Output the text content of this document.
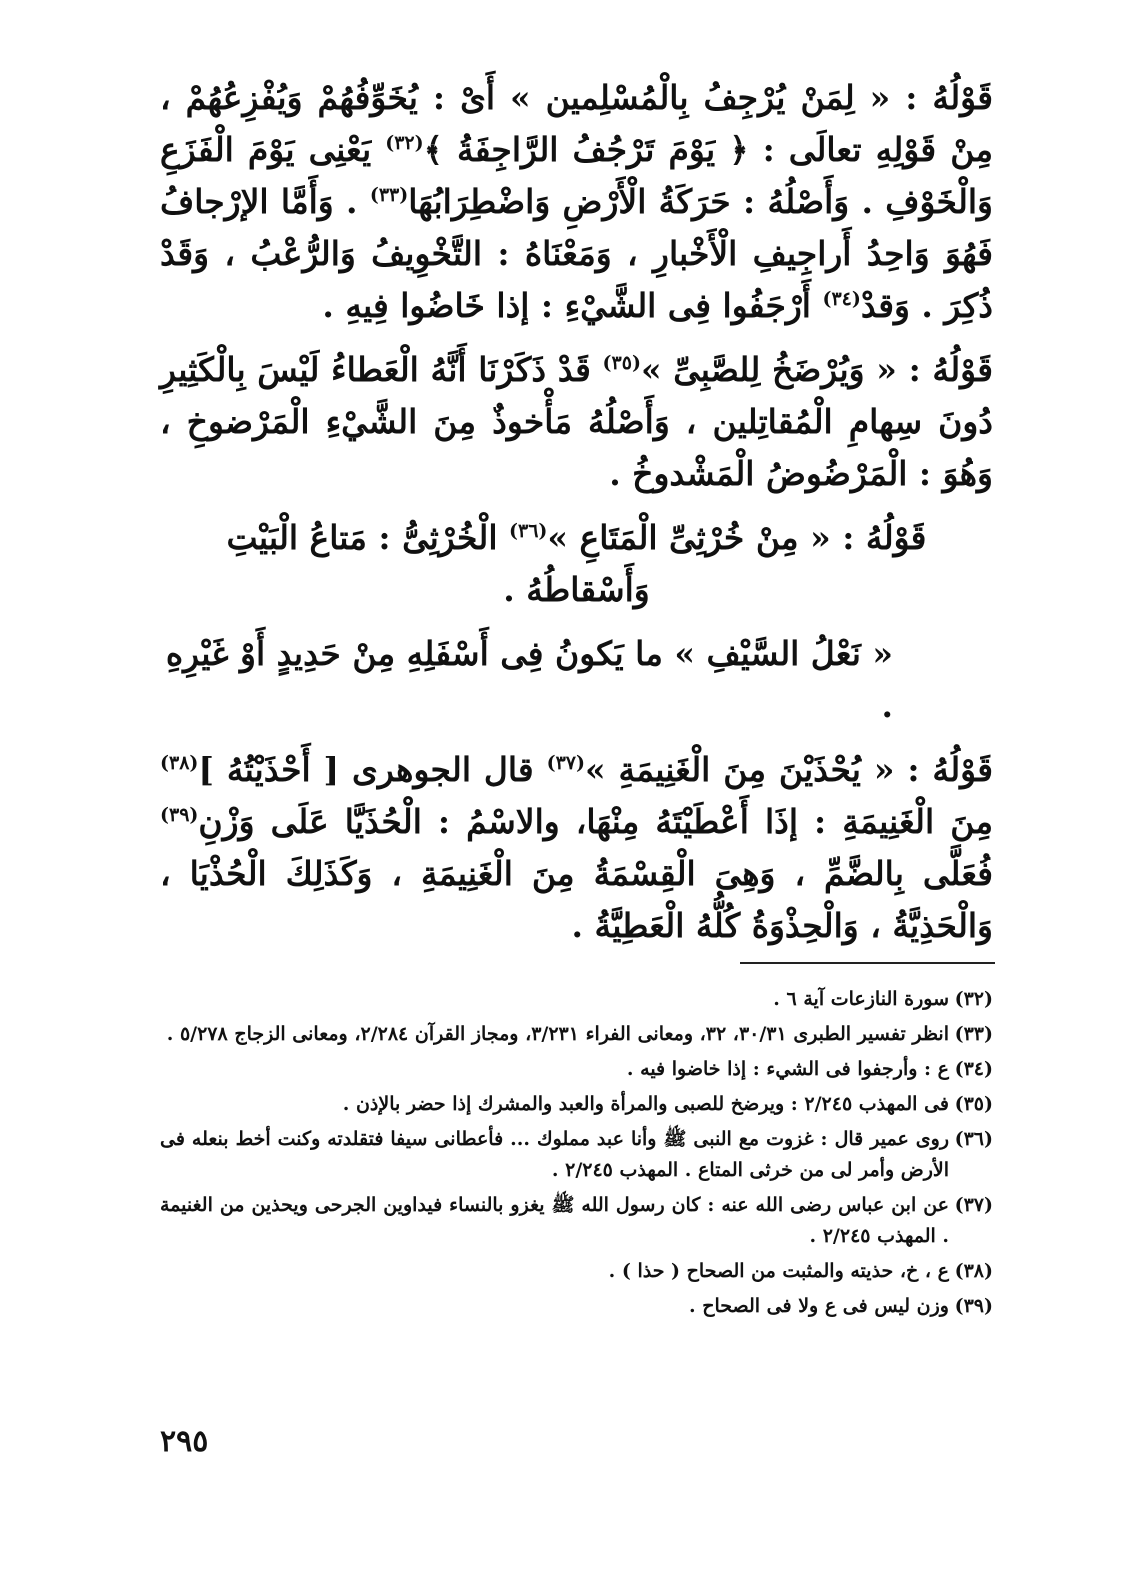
قَوْلُهُ : « لِمَنْ يُرْجِفُ بِالْمُسْلِمين » أَىْ : يُخَوِّفُهُمْ وَيُفْزِعُهُمْ ، مِنْ قَوْلِهِ تعالَى : ﴿ يَوْمَ تَرْجُفُ الرَّاجِفَةُ ﴾$^{(٣٢)}$ يَعْنِى يَوْمَ الْفَزَعِ وَالْخَوْفِ . وَأَصْلُهُ : حَرَكَةُ الْأَرْضِ وَاضْطِرَابُهَا$^{(٣٣)}$ . وَأَمَّا الإرْجافُ فَهُوَ وَاحِدُ أَراجِيفِ الْأَخْبارِ ، وَمَعْنَاهُ : التَّخْوِيفُ وَالرُّعْبُ ، وَقَدْ ذُكِرَ . وَقدْ$^{(٣٤)}$ أَرْجَفُوا فِى الشَّيْءِ : إذا خَاضُوا فِيهِ .

قَوْلُهُ : « وَيُرْضَخُ لِلصَّبِىِّ »$^{(٣٥)}$ قَدْ ذَكَرْنَا أَنَّهُ الْعَطاءُ لَيْسَ بِالْكَثِيرِ دُونَ سِهامِ الْمُقاتِلين ، وَأَصْلُهُ مَأْخوذٌ مِنَ الشَّيْءِ الْمَرْضوخِ ، وَهُوَ : الْمَرْضُوضُ الْمَشْدوخُ .

قَوْلُهُ : « مِنْ خُرْثِىِّ الْمَتَاعِ »$^{(٣٦)}$ الْخُرْثِىُّ : مَتاعُ الْبَيْتِ وَأَسْقاطُهُ .

« نَعْلُ السَّيْفِ » ما يَكونُ فِى أَسْفَلِهِ مِنْ حَدِيدٍ أَوْ غَيْرِهِ .

قَوْلُهُ : « يُحْذَيْنَ مِنَ الْغَنِيمَةِ »$^{(٣٧)}$ قال الجوهرى [ أَحْذَيْتُهُ ]$^{(٣٨)}$ مِنَ الْغَنِيمَةِ : إذَا أَعْطَيْتَهُ مِنْهَا، والاسْمُ : الْحُذَيَّا عَلَى وَزْنِ$^{(٣٩)}$ فُعَلَّى بِالضَّمِّ ، وَهِىَ الْقِسْمَةُ مِنَ الْغَنِيمَةِ ، وَكَذَلِكَ الْحُذْيَا ، وَالْحَذِيَّةُ ، وَالْحِذْوَةُ كُلُّهُ الْعَطِيَّةُ .

(٣٢)
سورة النازعات آية ٦ .
(٣٣)
انظر تفسير الطبرى ٣٠/٣١، ٣٢، ومعانى الفراء ٣/٢٣١، ومجاز القرآن ٢/٢٨٤، ومعانى الزجاج ٥/٢٧٨ .
(٣٤)
ع : وأرجفوا فى الشيء : إذا خاضوا فيه .
(٣٥)
فى المهذب ٢/٢٤٥ : ويرضخ للصبى والمرأة والعبد والمشرك إذا حضر بالإذن .
(٣٦)
روى عمير قال : غزوت مع النبى ﷺ وأنا عبد مملوك ... فأعطانى سيفا فتقلدته وكنت أخط بنعله فى الأرض وأمر لى من خرثى المتاع . المهذب ٢/٢٤٥ .
(٣٧)
عن ابن عباس رضى الله عنه : كان رسول الله ﷺ يغزو بالنساء فيداوين الجرحى ويحذين من الغنيمة . المهذب ٢/٢٤٥ .
(٣٨)
ع ، خ، حذيته والمثبت من الصحاح ( حذا ) .
(٣٩)
وزن ليس فى ع ولا فى الصحاح .
٢٩٥
